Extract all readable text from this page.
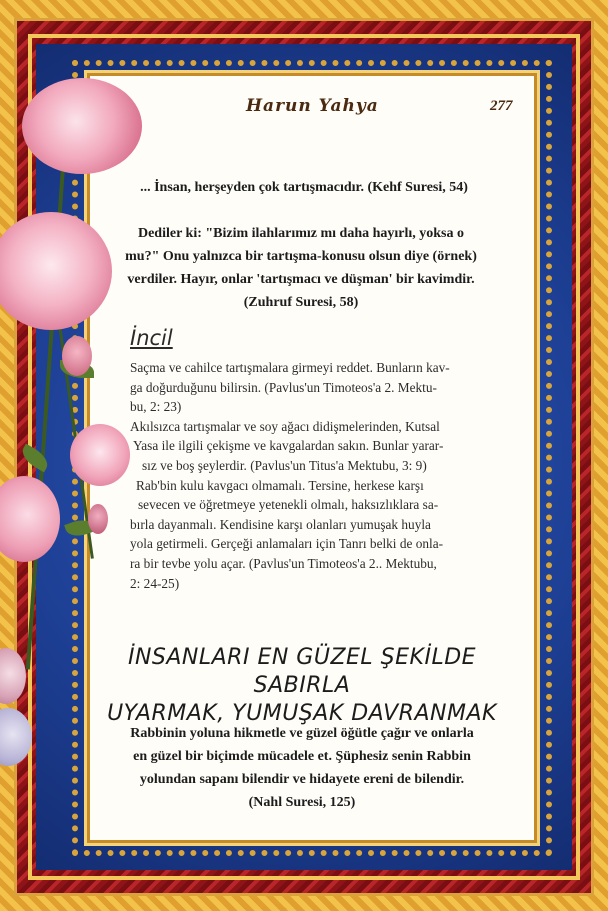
Harun Yahya	277
... İnsan, herşeyden çok tartışmacıdır. (Kehf Suresi, 54)
Dediler ki: "Bizim ilahlarımız mı daha hayırlı, yoksa o
mu?" Onu yalnızca bir tartışma-konusu olsun diye (örnek)
verdiler. Hayır, onlar 'tartışmacı ve düşman' bir kavimdir.
(Zuhruf Suresi, 58)
İncil
Saçma ve cahilce tartışmalara girmeyi reddet. Bunların kav-
ga doğurduğunu bilirsin. (Pavlus'un Timoteos'a 2. Mektu-
bu, 2: 23)
Akılsızca tartışmalar ve soy ağacı didişmelerinden, Kutsal
Yasa ile ilgili çekişme ve kavgalardan sakın. Bunlar yarar-
sız ve boş şeylerdir. (Pavlus'un Titus'a Mektubu, 3: 9)
Rab'bin kulu kavgacı olmamalı. Tersine, herkese karşı
sevecen ve öğretmeye yetenekli olmalı, haksızlıklara sa-
bırla dayanmalı. Kendisine karşı olanları yumuşak huyla
yola getirmeli. Gerçeği anlamaları için Tanrı belki de onla-
ra bir tevbe yolu açar. (Pavlus'un Timoteos'a 2.. Mektubu,
2: 24-25)
İNSANLARI EN GÜZEL ŞEKİLDE SABIRLA
UYARMAK, YUMUŞAK DAVRANMAK
Rabbinin yoluna hikmetle ve güzel öğütle çağır ve onlarla
en güzel bir biçimde mücadele et. Şüphesiz senin Rabbin
yolundan sapanı bilendir ve hidayete ereni de bilendir.
(Nahl Suresi, 125)
